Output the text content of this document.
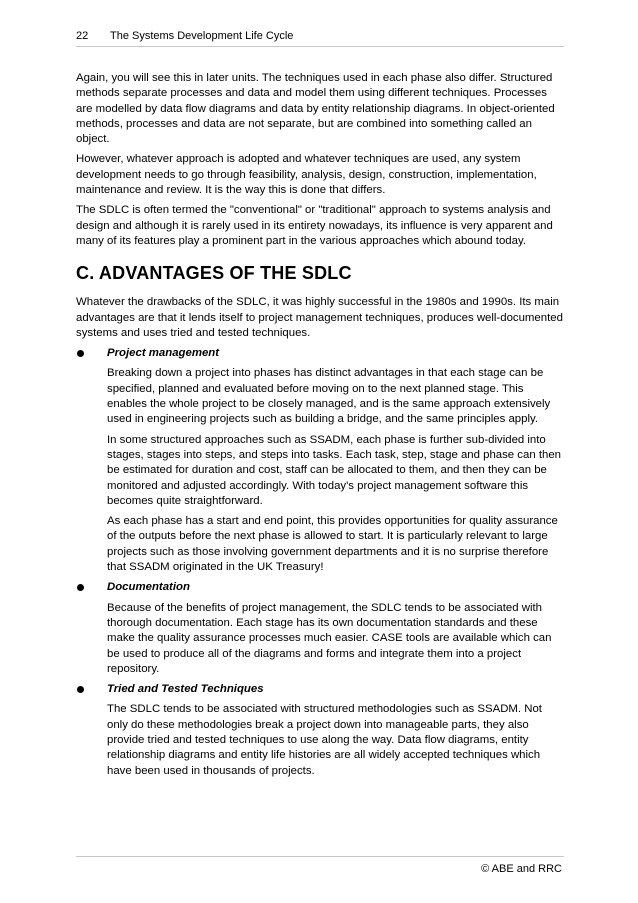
22 The Systems Development Life Cycle

Again, you will see this in later units. The techniques used in each phase also differ. Structured methods separate processes and data and model them using different techniques. Processes are modelled by data flow diagrams and data by entity relationship diagrams. In object-oriented methods, processes and data are not separate, but are combined into something called an object.

However, whatever approach is adopted and whatever techniques are used, any system development needs to go through feasibility, analysis, design, construction, implementation, maintenance and review. It is the way this is done that differs.

The SDLC is often termed the "conventional" or "traditional" approach to systems analysis and design and although it is rarely used in its entirety nowadays, its influence is very apparent and many of its features play a prominent part in the various approaches which abound today.

C. ADVANTAGES OF THE SDLC

Whatever the drawbacks of the SDLC, it was highly successful in the 1980s and 1990s. Its main advantages are that it lends itself to project management techniques, produces well-documented systems and uses tried and tested techniques.

Project management

Breaking down a project into phases has distinct advantages in that each stage can be specified, planned and evaluated before moving on to the next planned stage. This enables the whole project to be closely managed, and is the same approach extensively used in engineering projects such as building a bridge, and the same principles apply.

In some structured approaches such as SSADM, each phase is further sub-divided into stages, stages into steps, and steps into tasks. Each task, step, stage and phase can then be estimated for duration and cost, staff can be allocated to them, and then they can be monitored and adjusted accordingly. With today's project management software this becomes quite straightforward.

As each phase has a start and end point, this provides opportunities for quality assurance of the outputs before the next phase is allowed to start. It is particularly relevant to large projects such as those involving government departments and it is no surprise therefore that SSADM originated in the UK Treasury!

Documentation

Because of the benefits of project management, the SDLC tends to be associated with thorough documentation. Each stage has its own documentation standards and these make the quality assurance processes much easier. CASE tools are available which can be used to produce all of the diagrams and forms and integrate them into a project repository.

Tried and Tested Techniques

The SDLC tends to be associated with structured methodologies such as SSADM. Not only do these methodologies break a project down into manageable parts, they also provide tried and tested techniques to use along the way. Data flow diagrams, entity relationship diagrams and entity life histories are all widely accepted techniques which have been used in thousands of projects.

© ABE and RRC
